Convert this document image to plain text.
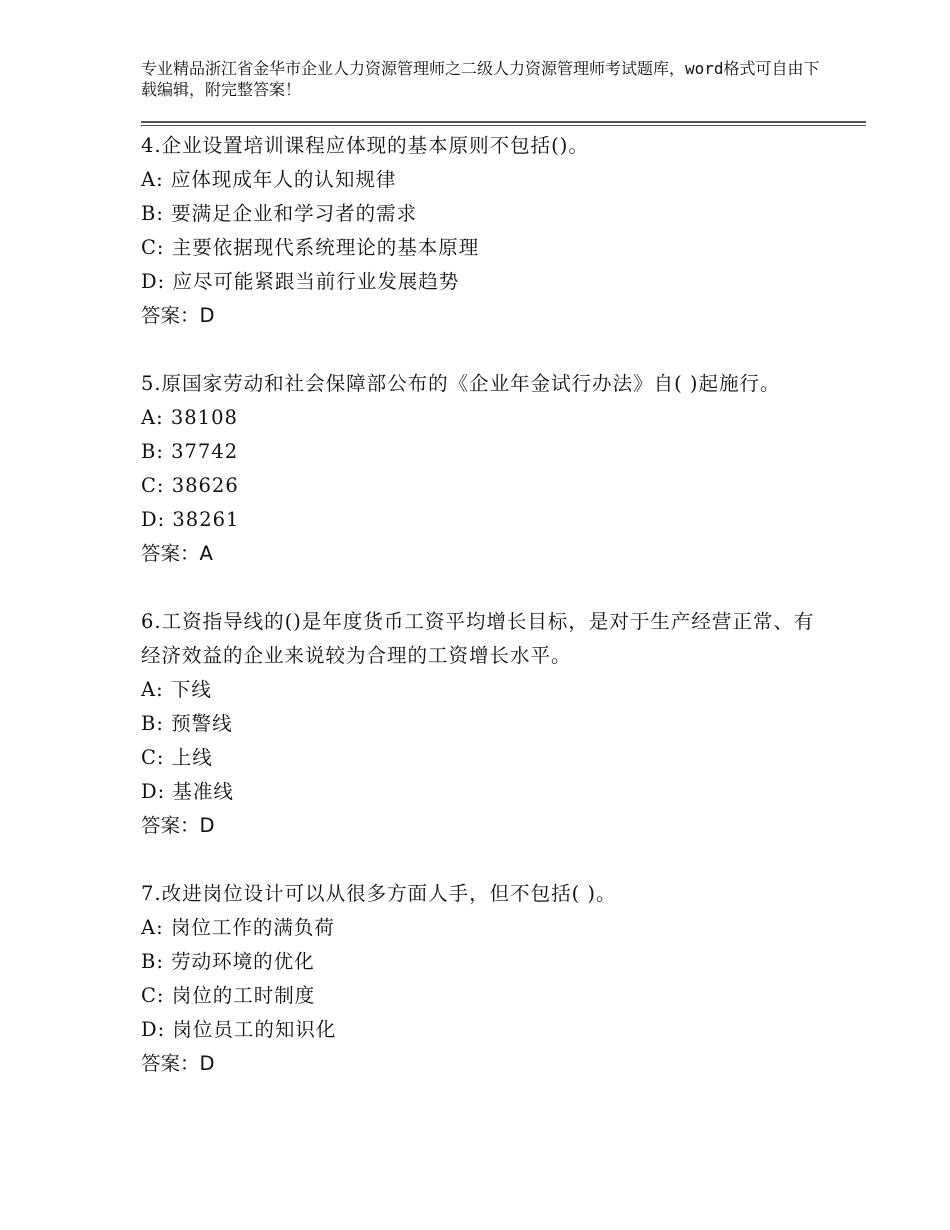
专业精品浙江省金华市企业人力资源管理师之二级人力资源管理师考试题库，word格式可自由下载编辑，附完整答案！

4.企业设置培训课程应体现的基本原则不包括()。

A: 应体现成年人的认知规律

B: 要满足企业和学习者的需求

C: 主要依据现代系统理论的基本原理

D: 应尽可能紧跟当前行业发展趋势

答案：D

5.原国家劳动和社会保障部公布的《企业年金试行办法》自( )起施行。

A: 38108

B: 37742

C: 38626

D: 38261

答案：A

6.工资指导线的()是年度货币工资平均增长目标，是对于生产经营正常、有经济效益的企业来说较为合理的工资增长水平。

A: 下线

B: 预警线

C: 上线

D: 基准线

答案：D

7.改进岗位设计可以从很多方面人手，但不包括( )。

A: 岗位工作的满负荷

B: 劳动环境的优化

C: 岗位的工时制度

D: 岗位员工的知识化

答案：D
